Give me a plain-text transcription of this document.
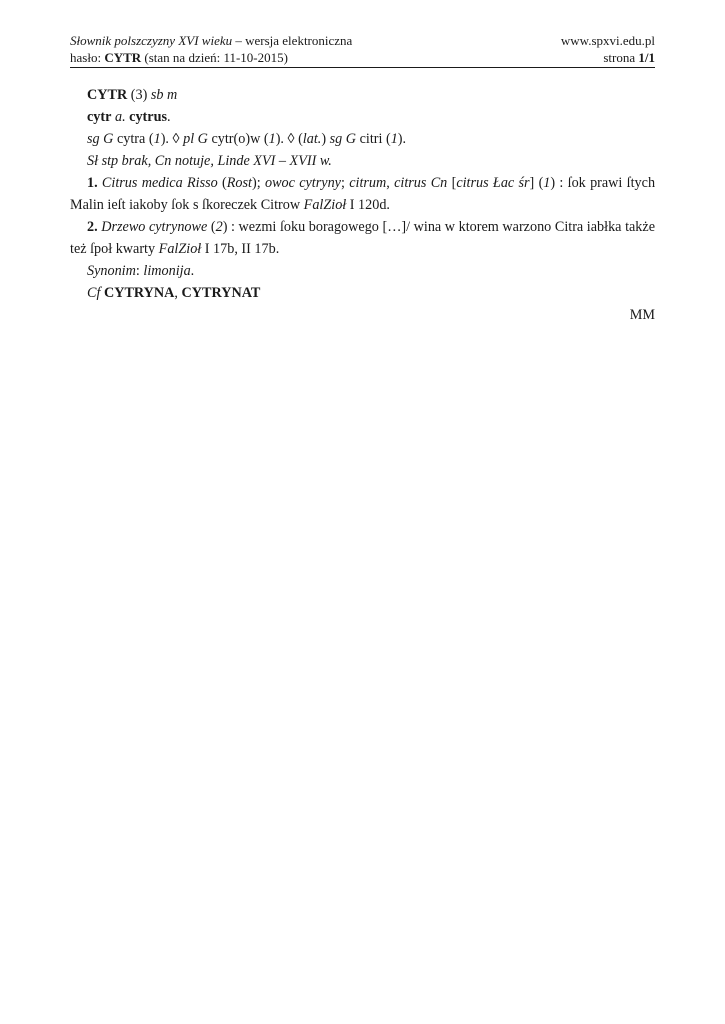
Słownik polszczyzny XVI wieku – wersja elektroniczna	www.spxvi.edu.pl
hasło: CYTR (stan na dzień: 11-10-2015)	strona 1/1

CYTR (3) sb m

cytr a. cytrus.

sg G cytra (1). ◊ pl G cytr(o)w (1). ◊ (lat.) sg G citri (1).

Sł stp brak, Cn notuje, Linde XVI – XVII w.

1. Citrus medica Risso (Rost); owoc cytryny; citrum, citrus Cn [citrus Łac śr] (1) : ſok prawi ſtych Malin ieſt iakoby ſok s ſkoreczek Citrow FalZioł I 120d.

2. Drzewo cytrynowe (2) : wezmi ſoku boragowego […]/ wina w ktorem warzono Citra iabłka także też ſpoł kwarty FalZioł I 17b, II 17b.

Synonim: limonija.

Cf CYTRYNA, CYTRYNAT

MM
